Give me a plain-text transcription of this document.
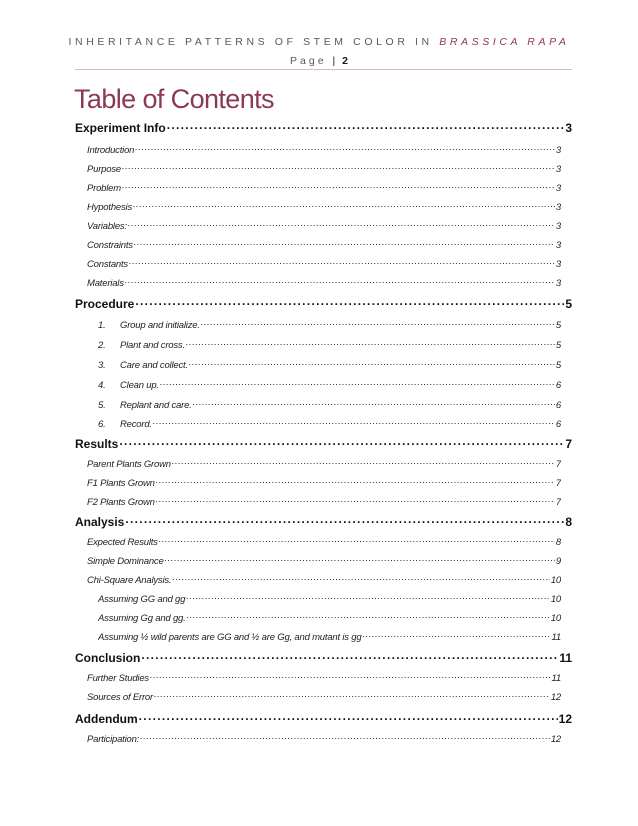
INHERITANCE PATTERNS OF STEM COLOR IN BRASSICA RAPA
Page | 2
Table of Contents
Experiment Info .....	3
Introduction .....	3
Purpose .....	3
Problem .....	3
Hypothesis .....	3
Variables: .....	3
Constraints .....	3
Constants .....	3
Materials .....	3
Procedure .....	5
1.	Group and initialize. .....	5
2.	Plant and cross. .....	5
3.	Care and collect. .....	5
4.	Clean up. .....	6
5.	Replant and care. .....	6
6.	Record. .....	6
Results .....	7
Parent Plants Grown .....	7
F1 Plants Grown .....	7
F2 Plants Grown .....	7
Analysis .....	8
Expected Results .....	8
Simple Dominance .....	9
Chi-Square Analysis. .....	10
Assuming GG and gg .....	10
Assuming Gg and gg. .....	10
Assuming ½ wild parents are GG and ½ are Gg, and mutant is gg .....	11
Conclusion .....	11
Further Studies .....	11
Sources of Error .....	12
Addendum .....	12
Participation: .....	12
